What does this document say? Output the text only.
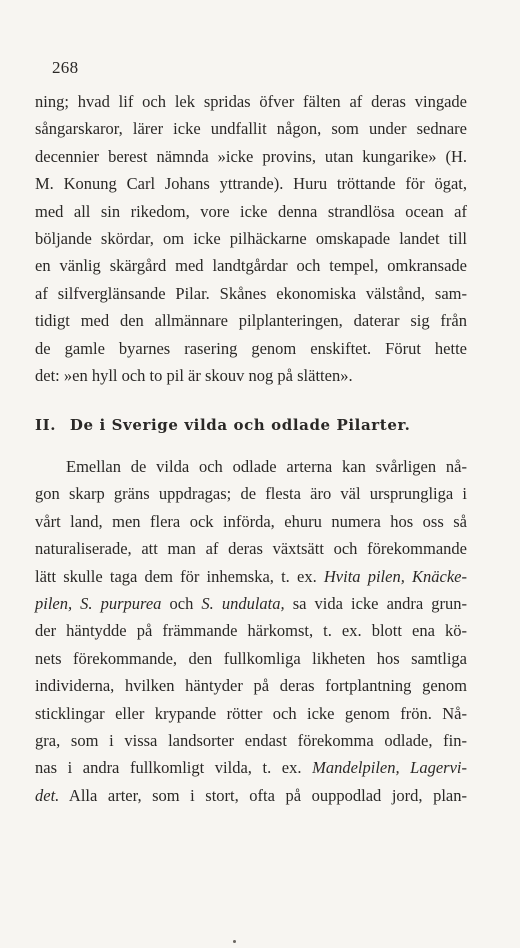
268
ning; hvad lif och lek spridas öfver fälten af deras vingade
sångarskaror, lärer icke undfallit någon, som under sednare
decennier berest nämnda »icke provins, utan kungarike» (H.
M. Konung Carl Johans yttrande). Huru tröttande för ögat,
med all sin rikedom, vore icke denna strandlösa ocean af
böljande skördar, om icke pilhäckarne omskapade landet till
en vänlig skärgård med landtgårdar och tempel, omkransade
af silfverglänsande Pilar. Skånes ekonomiska välstånd, sam-
tidigt med den allmännare pilplanteringen, daterar sig från
de gamle byarnes rasering genom enskiftet. Förut hette
det: »en hyll och to pil är skouv nog på slätten».
II. De i Sverige vilda och odlade Pilarter.
Emellan de vilda och odlade arterna kan svårligen nå-
gon skarp gräns uppdragas; de flesta äro väl ursprungliga i
vårt land, men flera ock införda, ehuru numera hos oss så
naturaliserade, att man af deras växtsätt och förekommande
lätt skulle taga dem för inhemska, t. ex. Hvita pilen, Knäcke-
pilen, S. purpurea och S. undulata, sa vida icke andra grun-
der häntydde på främmande härkomst, t. ex. blott ena kö-
nets förekommande, den fullkomliga likheten hos samtliga
individerna, hvilken häntyder på deras fortplantning genom
sticklingar eller krypande rötter och icke genom frön. Nå-
gra, som i vissa landsorter endast förekomma odlade, fin-
nas i andra fullkomligt vilda, t. ex. Mandelpilen, Lagervi-
det. Alla arter, som i stort, ofta på ouppodlad jord, plan-
